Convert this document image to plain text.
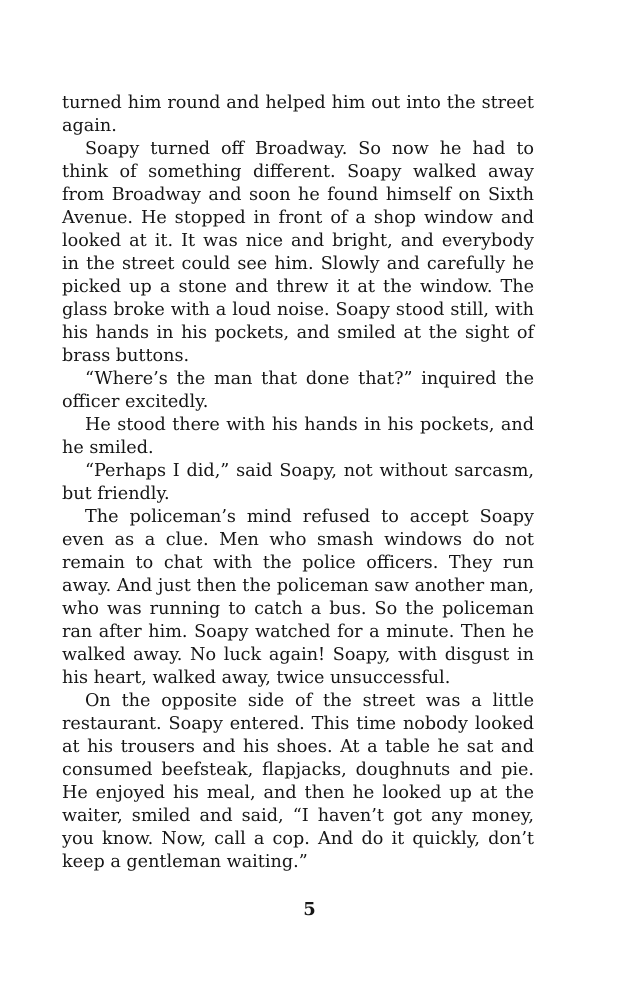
turned him round and helped him out into the street again.

Soapy turned off Broadway. So now he had to think of something different. Soapy walked away from Broadway and soon he found himself on Sixth Avenue. He stopped in front of a shop window and looked at it. It was nice and bright, and everybody in the street could see him. Slowly and carefully he picked up a stone and threw it at the window. The glass broke with a loud noise. Soapy stood still, with his hands in his pockets, and smiled at the sight of brass buttons.

“Where’s the man that done that?” inquired the officer excitedly.

He stood there with his hands in his pockets, and he smiled.

“Perhaps I did,” said Soapy, not without sarcasm, but friendly.

The policeman’s mind refused to accept Soapy even as a clue. Men who smash windows do not remain to chat with the police officers. They run away. And just then the policeman saw another man, who was running to catch a bus. So the policeman ran after him. Soapy watched for a minute. Then he walked away. No luck again! Soapy, with disgust in his heart, walked away, twice unsuccessful.

On the opposite side of the street was a little restaurant. Soapy entered. This time nobody looked at his trousers and his shoes. At a table he sat and consumed beefsteak, flapjacks, doughnuts and pie. He enjoyed his meal, and then he looked up at the waiter, smiled and said, “I haven’t got any money, you know. Now, call a cop. And do it quickly, don’t keep a gentleman waiting.”

5
